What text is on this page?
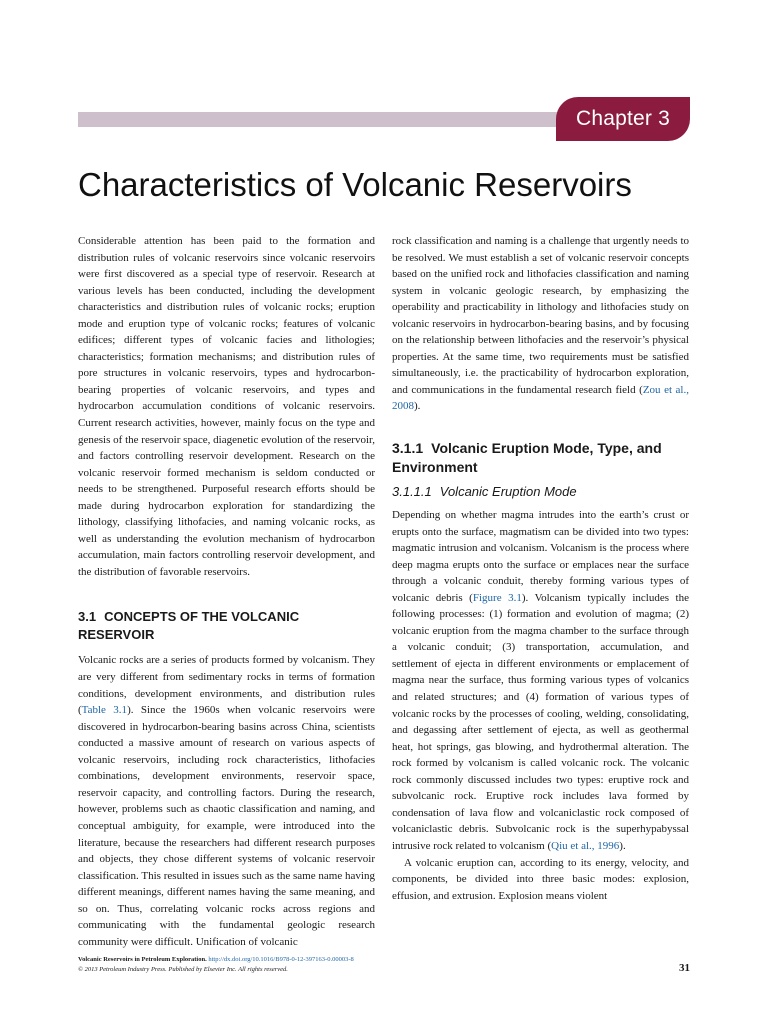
Chapter 3
Characteristics of Volcanic Reservoirs

Considerable attention has been paid to the formation and distribution rules of volcanic reservoirs since volcanic reservoirs were first discovered as a special type of reservoir. Research at various levels has been conducted, including the development characteristics and distribution rules of volcanic rocks; eruption mode and eruption type of volcanic rocks; features of volcanic edifices; different types of volcanic facies and lithologies; characteristics; formation mechanisms; and distribution rules of pore structures in volcanic reservoirs, types and hydrocarbon-bearing properties of volcanic reservoirs, and types and hydrocarbon accumulation conditions of volcanic reservoirs. Current research activities, however, mainly focus on the type and genesis of the reservoir space, diagenetic evolution of the reservoir, and factors controlling reservoir development. Research on the volcanic reservoir formed mechanism is seldom conducted or needs to be strengthened. Purposeful research efforts should be made during hydrocarbon exploration for standardizing the lithology, classifying lithofacies, and naming volcanic rocks, as well as understanding the evolution mechanism of hydrocarbon accumulation, main factors controlling reservoir development, and the distribution of favorable reservoirs.

3.1 CONCEPTS OF THE VOLCANIC RESERVOIR

Volcanic rocks are a series of products formed by volcanism. They are very different from sedimentary rocks in terms of formation conditions, development environments, and distribution rules (Table 3.1). Since the 1960s when volcanic reservoirs were discovered in hydrocarbon-bearing basins across China, scientists conducted a massive amount of research on various aspects of volcanic reservoirs, including rock characteristics, lithofacies combinations, development environments, reservoir space, reservoir capacity, and controlling factors. During the research, however, problems such as chaotic classification and naming, and conceptual ambiguity, for example, were introduced into the literature, because the researchers had different research purposes and objects, they chose different systems of volcanic reservoir classification. This resulted in issues such as the same name having different meanings, different names having the same meaning, and so on. Thus, correlating volcanic rocks across regions and communicating with the fundamental geologic research community were difficult. Unification of volcanic

rock classification and naming is a challenge that urgently needs to be resolved. We must establish a set of volcanic reservoir concepts based on the unified rock and lithofacies classification and naming system in volcanic geologic research, by emphasizing the operability and practicability in lithology and lithofacies study on volcanic reservoirs in hydrocarbon-bearing basins, and by focusing on the relationship between lithofacies and the reservoir’s physical properties. At the same time, two requirements must be satisfied simultaneously, i.e. the practicability of hydrocarbon exploration, and communications in the fundamental research field (Zou et al., 2008).

3.1.1 Volcanic Eruption Mode, Type, and Environment

3.1.1.1 Volcanic Eruption Mode

Depending on whether magma intrudes into the earth’s crust or erupts onto the surface, magmatism can be divided into two types: magmatic intrusion and volcanism. Volcanism is the process where deep magma erupts onto the surface or emplaces near the surface through a volcanic conduit, thereby forming various types of volcanic debris (Figure 3.1). Volcanism typically includes the following processes: (1) formation and evolution of magma; (2) volcanic eruption from the magma chamber to the surface through a volcanic conduit; (3) transportation, accumulation, and settlement of ejecta in different environments or emplacement of magma near the surface, thus forming various types of volcanics and related structures; and (4) formation of various types of volcanic rocks by the processes of cooling, welding, consolidating, and degassing after settlement of ejecta, as well as geothermal heat, hot springs, gas blowing, and hydrothermal alteration. The rock formed by volcanism is called volcanic rock. The volcanic rock commonly discussed includes two types: eruptive rock and subvolcanic rock. Eruptive rock includes lava formed by condensation of lava flow and volcaniclastic rock composed of volcaniclastic debris. Subvolcanic rock is the superhypabyssal intrusive rock related to volcanism (Qiu et al., 1996).

A volcanic eruption can, according to its energy, velocity, and components, be divided into three basic modes: explosion, effusion, and extrusion. Explosion means violent

Volcanic Reservoirs in Petroleum Exploration. http://dx.doi.org/10.1016/B978-0-12-397163-0.00003-8
© 2013 Petroleum Industry Press. Published by Elsevier Inc. All rights reserved.	31
